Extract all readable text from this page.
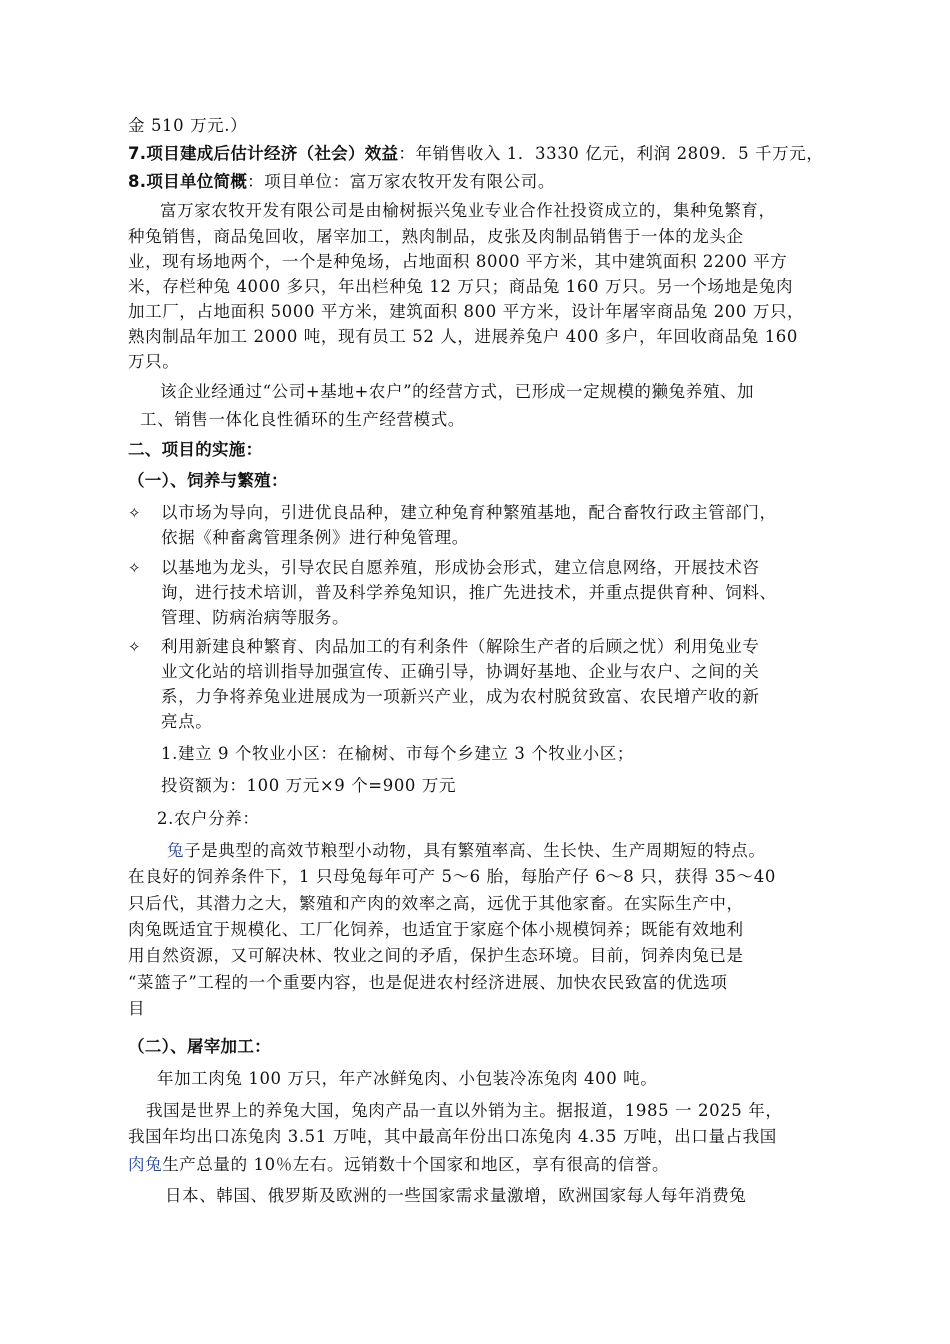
金 510 万元.）
7.项目建成后估计经济（社会）效益：年销售收入 1．3330 亿元，利润 2809．5 千万元，
8.项目单位简概：项目单位：富万家农牧开发有限公司。
富万家农牧开发有限公司是由榆树振兴兔业专业合作社投资成立的，集种兔繁育，
种兔销售，商品兔回收，屠宰加工，熟肉制品，皮张及肉制品销售于一体的龙头企
业，现有场地两个，一个是种兔场，占地面积 8000 平方米，其中建筑面积 2200 平方
米，存栏种兔 4000 多只，年出栏种兔 12 万只；商品兔 160 万只。另一个场地是兔肉
加工厂，占地面积 5000 平方米，建筑面积 800 平方米，设计年屠宰商品兔 200 万只，
熟肉制品年加工 2000 吨，现有员工 52 人，进展养兔户 400 多户，年回收商品兔 160
万只。
该企业经通过“公司+基地+农户”的经营方式，已形成一定规模的獭兔养殖、加
工、销售一体化良性循环的生产经营模式。
二、项目的实施：
（一）、饲养与繁殖：
✧ 以市场为导向，引进优良品种，建立种兔育种繁殖基地，配合畜牧行政主管部门，
依据《种畜禽管理条例》进行种兔管理。
✧ 以基地为龙头，引导农民自愿养殖，形成协会形式，建立信息网络，开展技术咨
询，进行技术培训，普及科学养兔知识，推广先进技术，并重点提供育种、饲料、
管理、防病治病等服务。
✧ 利用新建良种繁育、肉品加工的有利条件（解除生产者的后顾之忧）利用兔业专
业文化站的培训指导加强宣传、正确引导，协调好基地、企业与农户、之间的关
系，力争将养兔业进展成为一项新兴产业，成为农村脱贫致富、农民增产收的新
亮点。
1.建立 9 个牧业小区：在榆树、市每个乡建立 3 个牧业小区；
投资额为：100 万元×9 个=900 万元
2.农户分养：
兔子是典型的高效节粮型小动物，具有繁殖率高、生长快、生产周期短的特点。
在良好的饲养条件下，1 只母兔每年可产 5～6 胎，每胎产仔 6～8 只，获得 35～40
只后代，其潜力之大，繁殖和产肉的效率之高，远优于其他家畜。在实际生产中，
肉兔既适宜于规模化、工厂化饲养，也适宜于家庭个体小规模饲养；既能有效地利
用自然资源，又可解决林、牧业之间的矛盾，保护生态环境。目前，饲养肉兔已是
“菜篮子”工程的一个重要内容，也是促进农村经济进展、加快农民致富的优选项
目
（二）、屠宰加工：
年加工肉兔 100 万只，年产冰鲜兔肉、小包装冷冻兔肉 400 吨。
我国是世界上的养兔大国，兔肉产品一直以外销为主。据报道，1985 一 2025 年，
我国年均出口冻兔肉 3.51 万吨，其中最高年份出口冻兔肉 4.35 万吨，出口量占我国
肉兔生产总量的 10％左右。远销数十个国家和地区，享有很高的信誉。
日本、韩国、俄罗斯及欧洲的一些国家需求量激增，欧洲国家每人每年消费兔
